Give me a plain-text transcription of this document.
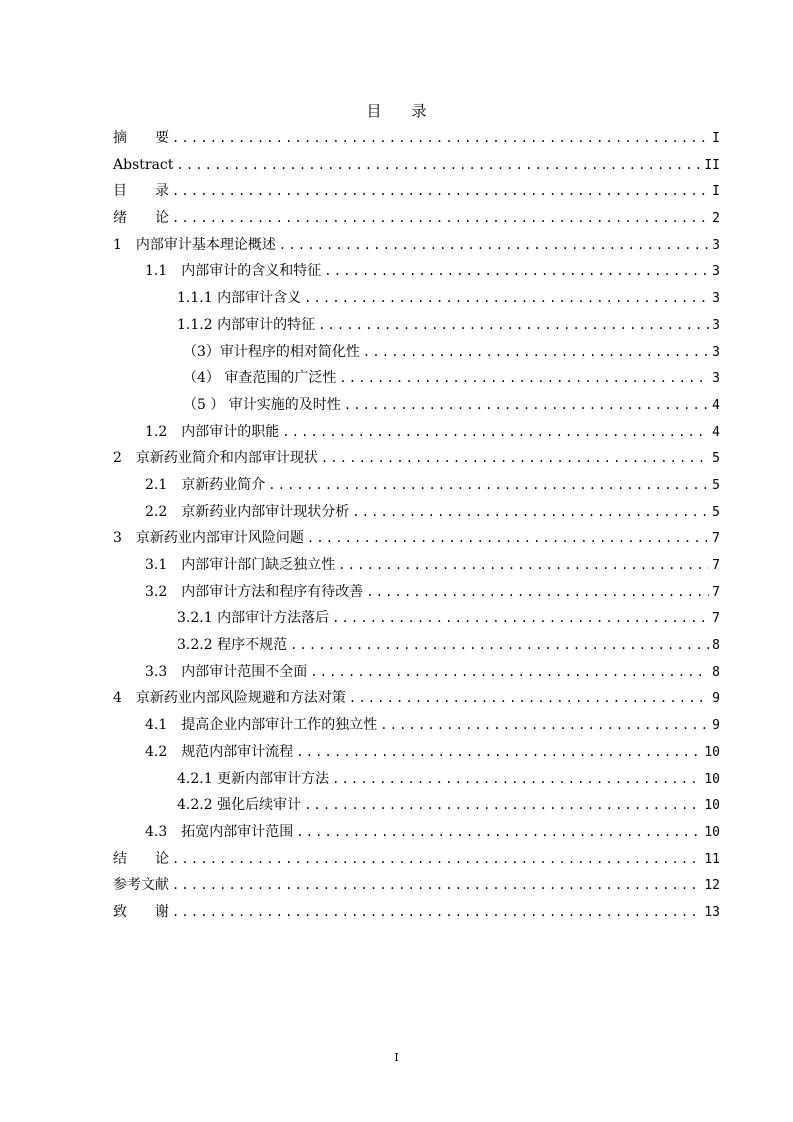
目　　录
摘　　要 .....	I
Abstract .....	II
目　　录 .....	I
绪　　论 .....	2
1　内部审计基本理论概述 .....	3
1.1　内部审计的含义和特征 .....	3
1.1.1 内部审计含义 .....	3
1.1.2 内部审计的特征 .....	3
（3）审计程序的相对简化性 .....	3
（4） 审查范围的广泛性 .....	3
（5 ） 审计实施的及时性 .....	4
1.2　内部审计的职能 .....	4
2　京新药业简介和内部审计现状 .....	5
2.1　京新药业简介 .....	5
2.2　京新药业内部审计现状分析 .....	5
3　京新药业内部审计风险问题 .....	7
3.1　内部审计部门缺乏独立性 .....	7
3.2　内部审计方法和程序有待改善 .....	7
3.2.1 内部审计方法落后 .....	7
3.2.2 程序不规范 .....	8
3.3　内部审计范围不全面 .....	8
4　京新药业内部风险规避和方法对策 .....	9
4.1　提高企业内部审计工作的独立性 .....	9
4.2　规范内部审计流程 .....	10
4.2.1 更新内部审计方法 .....	10
4.2.2 强化后续审计 .....	10
4.3　拓宽内部审计范围 .....	10
结　　论 .....	11
参考文献 .....	12
致　　谢 .....	13
I
